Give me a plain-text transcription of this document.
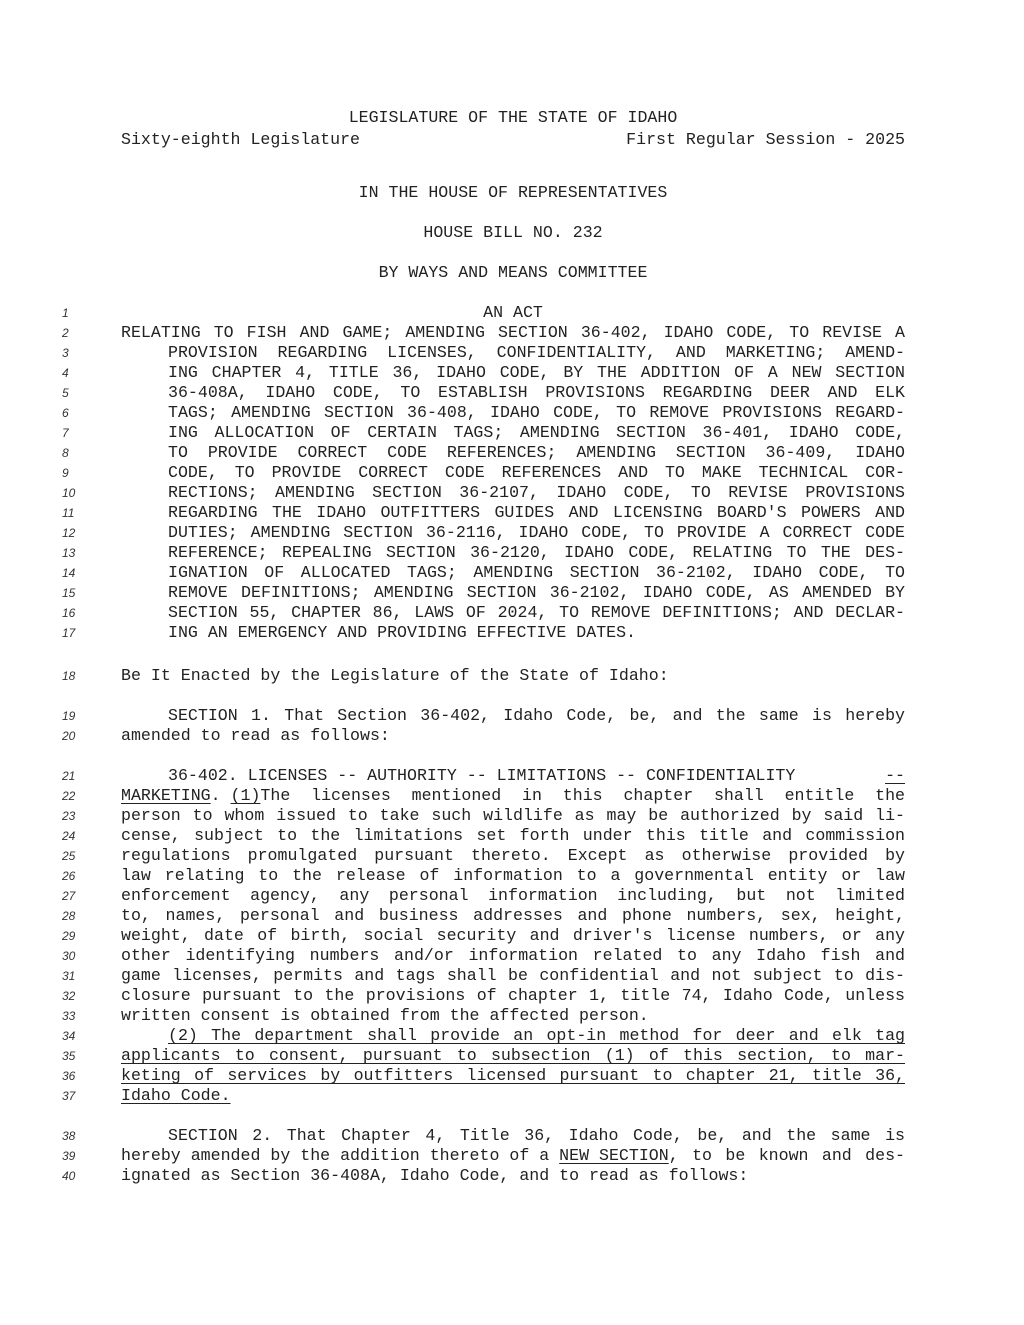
LEGISLATURE OF THE STATE OF IDAHO
Sixty-eighth Legislature	First Regular Session - 2025
IN THE HOUSE OF REPRESENTATIVES
HOUSE BILL NO. 232
BY WAYS AND MEANS COMMITTEE
1	AN ACT
2	RELATING TO FISH AND GAME; AMENDING SECTION 36-402, IDAHO CODE, TO REVISE A
3	PROVISION REGARDING LICENSES, CONFIDENTIALITY, AND MARKETING; AMEND-
4	ING CHAPTER 4, TITLE 36, IDAHO CODE, BY THE ADDITION OF A NEW SECTION
5	36-408A, IDAHO CODE, TO ESTABLISH PROVISIONS REGARDING DEER AND ELK
6	TAGS; AMENDING SECTION 36-408, IDAHO CODE, TO REMOVE PROVISIONS REGARD-
7	ING ALLOCATION OF CERTAIN TAGS; AMENDING SECTION 36-401, IDAHO CODE,
8	TO PROVIDE CORRECT CODE REFERENCES; AMENDING SECTION 36-409, IDAHO
9	CODE, TO PROVIDE CORRECT CODE REFERENCES AND TO MAKE TECHNICAL COR-
10	RECTIONS; AMENDING SECTION 36-2107, IDAHO CODE, TO REVISE PROVISIONS
11	REGARDING THE IDAHO OUTFITTERS GUIDES AND LICENSING BOARD'S POWERS AND
12	DUTIES; AMENDING SECTION 36-2116, IDAHO CODE, TO PROVIDE A CORRECT CODE
13	REFERENCE; REPEALING SECTION 36-2120, IDAHO CODE, RELATING TO THE DES-
14	IGNATION OF ALLOCATED TAGS; AMENDING SECTION 36-2102, IDAHO CODE, TO
15	REMOVE DEFINITIONS; AMENDING SECTION 36-2102, IDAHO CODE, AS AMENDED BY
16	SECTION 55, CHAPTER 86, LAWS OF 2024, TO REMOVE DEFINITIONS; AND DECLAR-
17	ING AN EMERGENCY AND PROVIDING EFFECTIVE DATES.
18	Be It Enacted by the Legislature of the State of Idaho:
19	SECTION 1. That Section 36-402, Idaho Code, be, and the same is hereby
20	amended to read as follows:
21	36-402. LICENSES -- AUTHORITY -- LIMITATIONS -- CONFIDENTIALITY	--
22	MARKETING . (1) The licenses mentioned in this chapter shall entitle the
23	person to whom issued to take such wildlife as may be authorized by said li-
24	cense, subject to the limitations set forth under this title and commission
25	regulations promulgated pursuant thereto. Except as otherwise provided by
26	law relating to the release of information to a governmental entity or law
27	enforcement agency, any personal information including, but not limited
28	to, names, personal and business addresses and phone numbers, sex, height,
29	weight, date of birth, social security and driver's license numbers, or any
30	other identifying numbers and/or information related to any Idaho fish and
31	game licenses, permits and tags shall be confidential and not subject to dis-
32	closure pursuant to the provisions of chapter 1, title 74, Idaho Code, unless
33	written consent is obtained from the affected person.
34	(2) The department shall provide an opt-in method for deer and elk tag
35	applicants to consent, pursuant to subsection (1) of this section, to mar-
36	keting of services by outfitters licensed pursuant to chapter 21, title 36,
37	Idaho Code.
38	SECTION 2. That Chapter 4, Title 36, Idaho Code, be, and the same is
39	hereby amended by the addition thereto of a NEW SECTION , to be known and des-
40	ignated as Section 36-408A, Idaho Code, and to read as follows:
